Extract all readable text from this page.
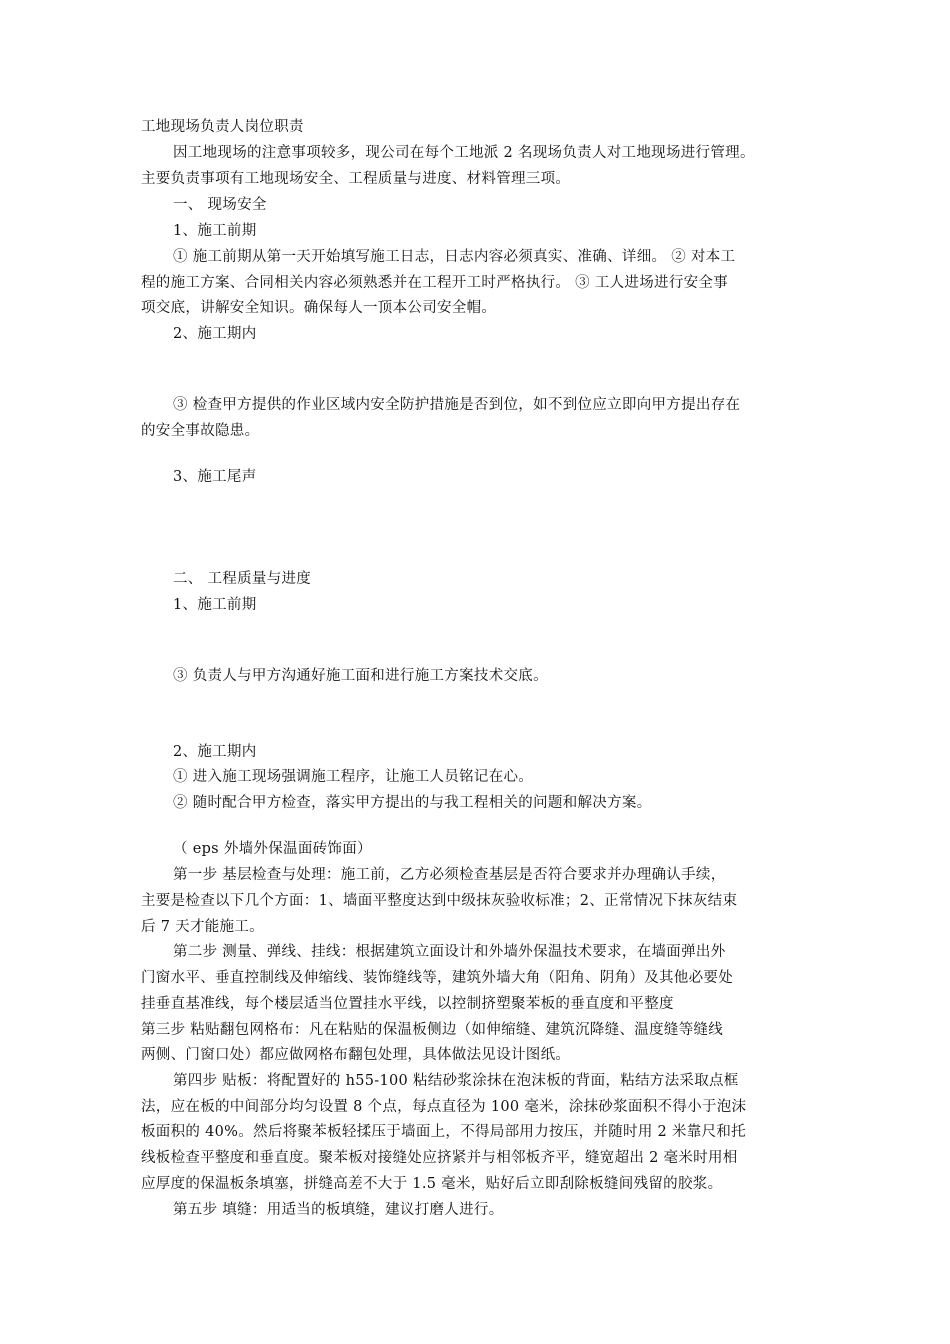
工地现场负责人岗位职责
因工地现场的注意事项较多，现公司在每个工地派 2 名现场负责人对工地现场进行管理。
主要负责事项有工地现场安全、工程质量与进度、材料管理三项。
一、 现场安全
1、施工前期
① 施工前期从第一天开始填写施工日志，日志内容必须真实、准确、详细。 ② 对本工
程的施工方案、合同相关内容必须熟悉并在工程开工时严格执行。 ③ 工人进场进行安全事
项交底，讲解安全知识。确保每人一顶本公司安全帽。
2、施工期内
③ 检查甲方提供的作业区域内安全防护措施是否到位，如不到位应立即向甲方提出存在
的安全事故隐患。
3、施工尾声
二、 工程质量与进度
1、施工前期
③ 负责人与甲方沟通好施工面和进行施工方案技术交底。
2、施工期内
① 进入施工现场强调施工程序，让施工人员铭记在心。
② 随时配合甲方检查，落实甲方提出的与我工程相关的问题和解决方案。
（ eps 外墙外保温面砖饰面）
第一步 基层检查与处理：施工前，乙方必须检查基层是否符合要求并办理确认手续，
主要是检查以下几个方面：1、墙面平整度达到中级抹灰验收标准；2、正常情况下抹灰结束
后 7 天才能施工。
第二步 测量、弹线、挂线：根据建筑立面设计和外墙外保温技术要求，在墙面弹出外
门窗水平、垂直控制线及伸缩线、装饰缝线等，建筑外墙大角（阳角、阴角）及其他必要处
挂垂直基准线，每个楼层适当位置挂水平线，以控制挤塑聚苯板的垂直度和平整度
第三步 粘贴翻包网格布：凡在粘贴的保温板侧边（如伸缩缝、建筑沉降缝、温度缝等缝线
两侧、门窗口处）都应做网格布翻包处理，具体做法见设计图纸。
第四步 贴板：将配置好的 h55-100 粘结砂浆涂抹在泡沫板的背面，粘结方法采取点框
法，应在板的中间部分均匀设置 8 个点，每点直径为 100 毫米，涂抹砂浆面积不得小于泡沫
板面积的 40%。然后将聚苯板轻揉压于墙面上，不得局部用力按压，并随时用 2 米靠尺和托
线板检查平整度和垂直度。聚苯板对接缝处应挤紧并与相邻板齐平，缝宽超出 2 毫米时用相
应厚度的保温板条填塞，拼缝高差不大于 1.5 毫米，贴好后立即刮除板缝间残留的胶浆。
第五步 填缝：用适当的板填缝，建议打磨人进行。
